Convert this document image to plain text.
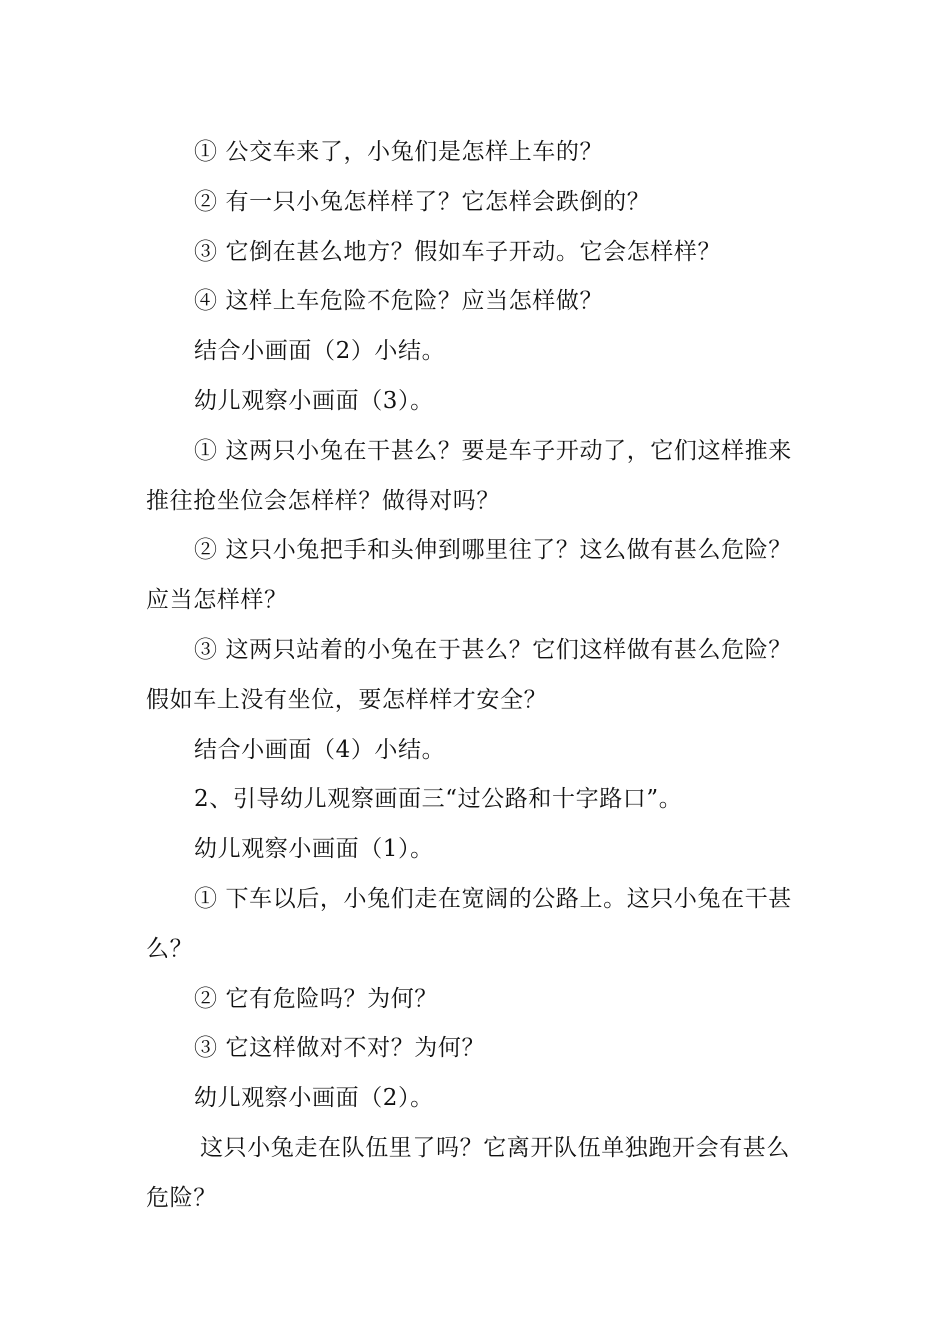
① 公交车来了，小兔们是怎样上车的？

② 有一只小兔怎样样了？它怎样会跌倒的？

③ 它倒在甚么地方？假如车子开动。它会怎样样？

④ 这样上车危险不危险？应当怎样做？

结合小画面（2）小结。

幼儿观察小画面（3）。

① 这两只小兔在干甚么？要是车子开动了，它们这样推来推往抢坐位会怎样样？做得对吗？

② 这只小兔把手和头伸到哪里往了？这么做有甚么危险？应当怎样样？

③ 这两只站着的小兔在于甚么？它们这样做有甚么危险？假如车上没有坐位，要怎样样才安全？

结合小画面（4）小结。

2、引导幼儿观察画面三“过公路和十字路口”。

幼儿观察小画面（1）。

① 下车以后，小兔们走在宽阔的公路上。这只小兔在干甚么？

② 它有危险吗？为何？

③ 它这样做对不对？为何？

幼儿观察小画面（2）。

这只小兔走在队伍里了吗？它离开队伍单独跑开会有甚么危险？
